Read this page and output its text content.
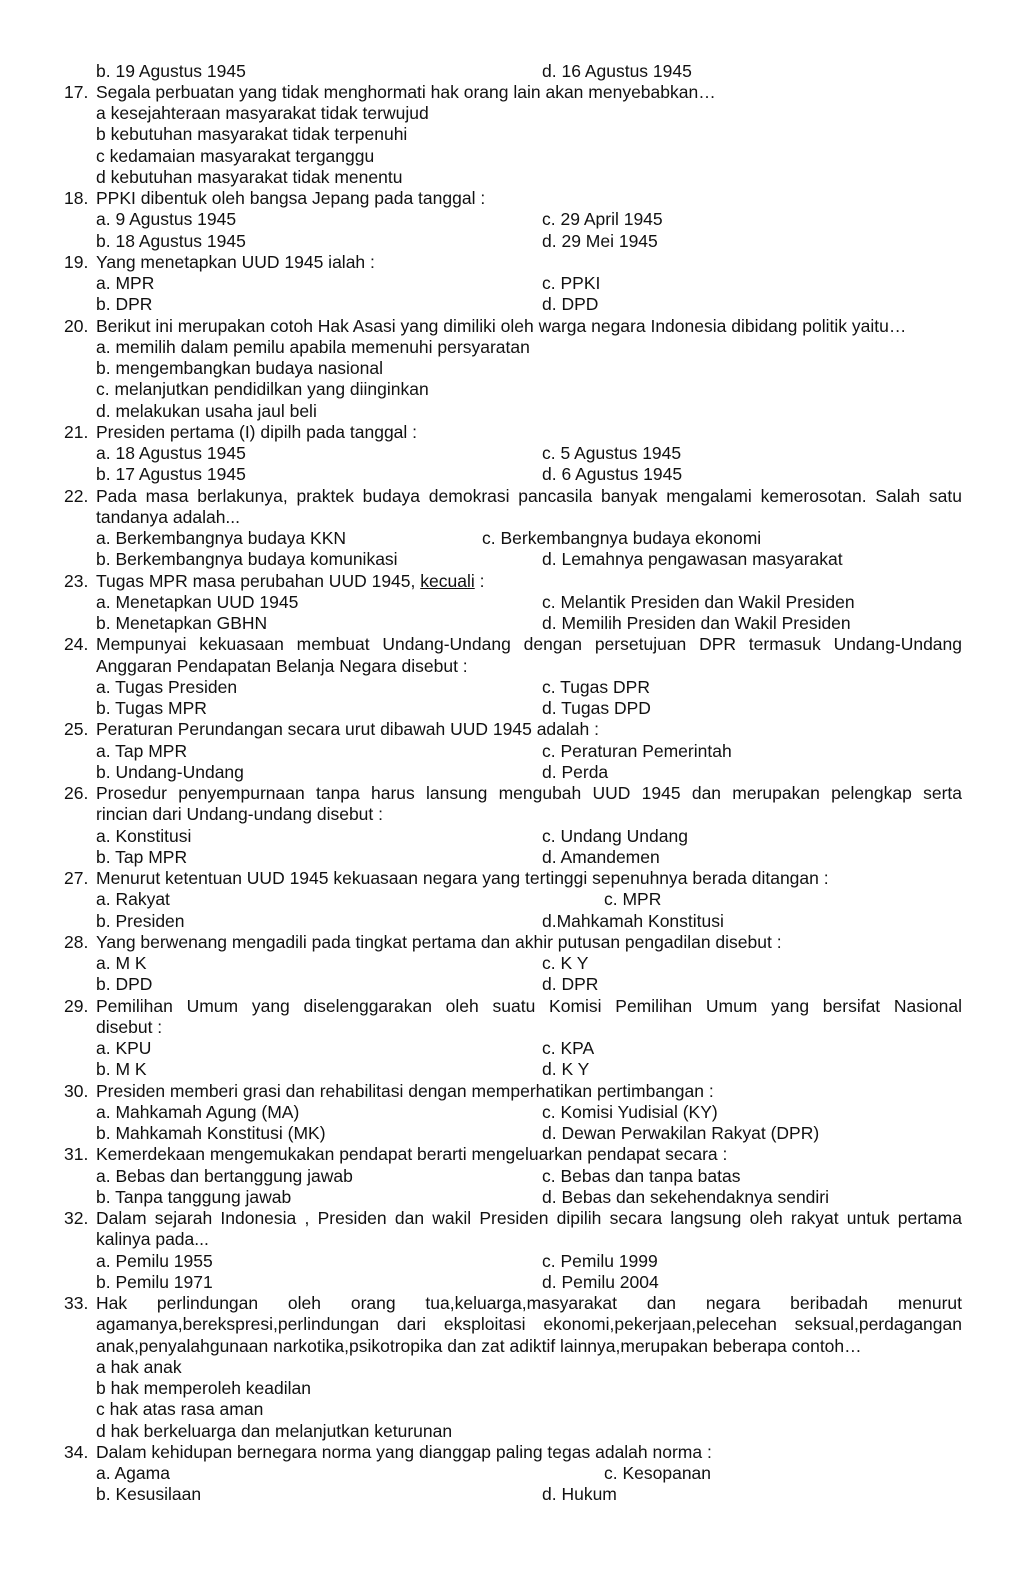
b. 19 Agustus 1945	d. 16 Agustus 1945
17. Segala perbuatan yang tidak menghormati hak orang lain akan menyebabkan…
a kesejahteraan masyarakat tidak terwujud
b kebutuhan masyarakat tidak terpenuhi
c kedamaian masyarakat terganggu
d kebutuhan masyarakat tidak menentu
18. PPKI dibentuk oleh bangsa Jepang pada tanggal :
a. 9 Agustus 1945	c. 29 April 1945
b. 18 Agustus 1945	d. 29 Mei 1945
19. Yang menetapkan UUD 1945 ialah :
a. MPR	c. PPKI
b. DPR	d. DPD
20. Berikut ini merupakan cotoh Hak Asasi yang dimiliki oleh warga negara Indonesia dibidang politik yaitu…
a. memilih dalam pemilu apabila memenuhi persyaratan
b. mengembangkan budaya nasional
c. melanjutkan pendidilkan yang diinginkan
d. melakukan usaha jaul beli
21. Presiden pertama (I) dipilh pada tanggal :
a. 18 Agustus 1945	c. 5 Agustus 1945
b. 17 Agustus 1945	d. 6 Agustus 1945
22. Pada masa berlakunya, praktek budaya demokrasi pancasila banyak mengalami kemerosotan. Salah satu
tandanya adalah...
a. Berkembangnya budaya KKN	c. Berkembangnya budaya ekonomi
b. Berkembangnya budaya komunikasi	d. Lemahnya pengawasan masyarakat
23. Tugas MPR masa perubahan UUD 1945, kecuali :
a. Menetapkan UUD 1945	c. Melantik Presiden dan Wakil Presiden
b. Menetapkan GBHN	d. Memilih Presiden dan Wakil Presiden
24. Mempunyai kekuasaan membuat Undang-Undang dengan persetujuan DPR termasuk Undang-Undang
Anggaran Pendapatan Belanja Negara disebut :
a. Tugas Presiden	c. Tugas DPR
b. Tugas MPR	d. Tugas DPD
25. Peraturan Perundangan secara urut dibawah UUD 1945 adalah :
a. Tap MPR	c. Peraturan Pemerintah
b. Undang-Undang	d. Perda
26. Prosedur penyempurnaan tanpa harus lansung mengubah UUD 1945 dan merupakan pelengkap serta
rincian dari Undang-undang disebut :
a. Konstitusi	c. Undang Undang
b. Tap MPR	d. Amandemen
27. Menurut ketentuan UUD 1945 kekuasaan negara yang tertinggi sepenuhnya berada ditangan :
a. Rakyat	c. MPR
b. Presiden	d.Mahkamah Konstitusi
28. Yang berwenang mengadili pada tingkat pertama dan akhir putusan pengadilan disebut :
a. M K	c. K Y
b. DPD	d. DPR
29. Pemilihan Umum yang diselenggarakan oleh suatu Komisi Pemilihan Umum yang bersifat Nasional
disebut :
a. KPU	c. KPA
b. M K	d. K Y
30. Presiden memberi grasi dan rehabilitasi dengan memperhatikan pertimbangan :
a. Mahkamah Agung (MA)	c. Komisi Yudisial (KY)
b. Mahkamah Konstitusi (MK)	d. Dewan Perwakilan Rakyat (DPR)
31. Kemerdekaan mengemukakan pendapat berarti mengeluarkan pendapat secara :
a. Bebas dan bertanggung jawab	c. Bebas dan tanpa batas
b. Tanpa tanggung jawab	d. Bebas dan sekehendaknya sendiri
32. Dalam sejarah Indonesia , Presiden dan wakil Presiden dipilih secara langsung oleh rakyat untuk pertama
kalinya pada...
a. Pemilu 1955	c. Pemilu 1999
b. Pemilu 1971	d. Pemilu 2004
33. Hak perlindungan oleh orang tua,keluarga,masyarakat dan negara beribadah menurut
agamanya,berekspresi,perlindungan dari eksploitasi ekonomi,pekerjaan,pelecehan seksual,perdagangan
anak,penyalahgunaan narkotika,psikotropika dan zat adiktif lainnya,merupakan beberapa contoh…
a hak anak
b hak memperoleh keadilan
c hak atas rasa aman
d hak berkeluarga dan melanjutkan keturunan
34. Dalam kehidupan bernegara norma yang dianggap paling tegas adalah norma :
a. Agama	c. Kesopanan
b. Kesusilaan	d. Hukum
